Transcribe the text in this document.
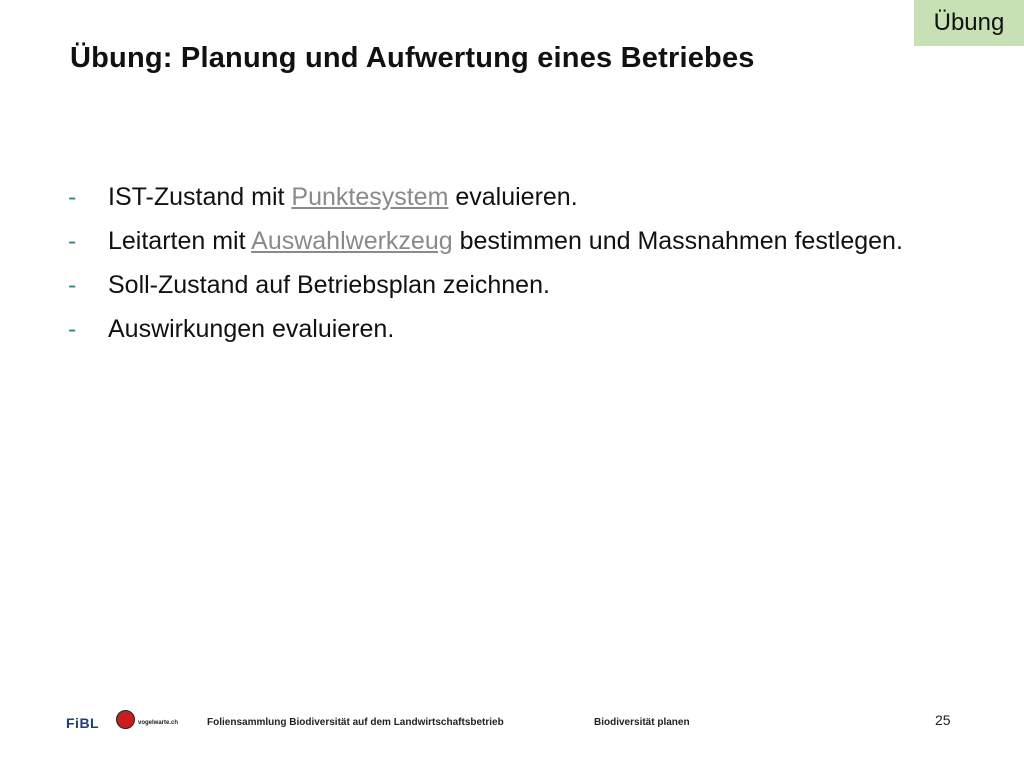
Übung
Übung: Planung und Aufwertung eines Betriebes
-	IST-Zustand mit Punktesystem evaluieren.
-	Leitarten mit Auswahlwerkzeug bestimmen und Massnahmen festlegen.
-	Soll-Zustand auf Betriebsplan zeichnen.
-	Auswirkungen evaluieren.
FiBL	vogelwarte.ch	Foliensammlung Biodiversität auf dem Landwirtschaftsbetrieb	Biodiversität planen	25
